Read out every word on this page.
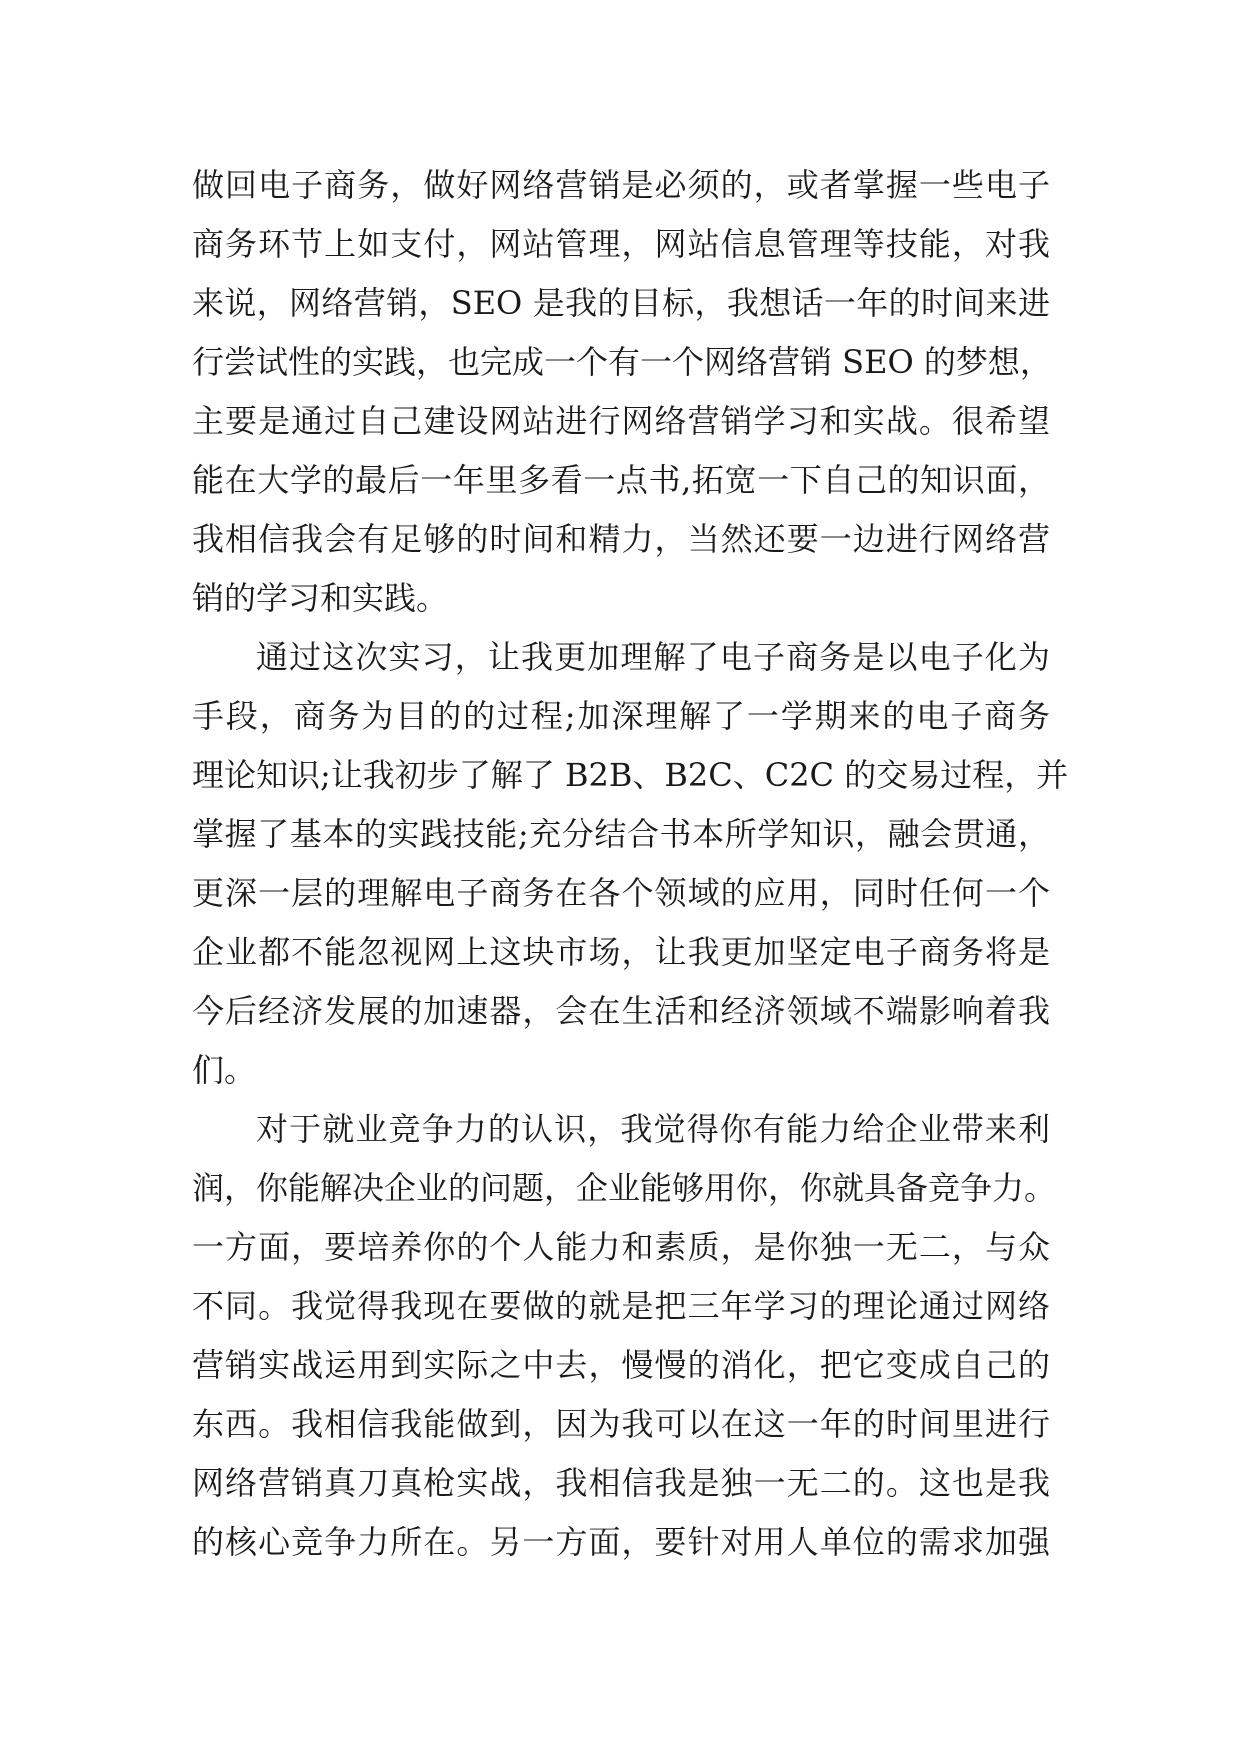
做回电子商务，做好网络营销是必须的，或者掌握一些电子
商务环节上如支付，网站管理，网站信息管理等技能，对我
来说，网络营销，SEO 是我的目标，我想话一年的时间来进
行尝试性的实践，也完成一个有一个网络营销 SEO 的梦想，
主要是通过自己建设网站进行网络营销学习和实战。很希望
能在大学的最后一年里多看一点书,拓宽一下自己的知识面，
我相信我会有足够的时间和精力，当然还要一边进行网络营
销的学习和实践。
通过这次实习，让我更加理解了电子商务是以电子化为
手段，商务为目的的过程;加深理解了一学期来的电子商务
理论知识;让我初步了解了 B2B、B2C、C2C 的交易过程，并
掌握了基本的实践技能;充分结合书本所学知识，融会贯通，
更深一层的理解电子商务在各个领域的应用，同时任何一个
企业都不能忽视网上这块市场，让我更加坚定电子商务将是
今后经济发展的加速器，会在生活和经济领域不端影响着我
们。
对于就业竞争力的认识，我觉得你有能力给企业带来利
润，你能解决企业的问题，企业能够用你，你就具备竞争力。
一方面，要培养你的个人能力和素质，是你独一无二，与众
不同。我觉得我现在要做的就是把三年学习的理论通过网络
营销实战运用到实际之中去，慢慢的消化，把它变成自己的
东西。我相信我能做到，因为我可以在这一年的时间里进行
网络营销真刀真枪实战，我相信我是独一无二的。这也是我
的核心竞争力所在。另一方面，要针对用人单位的需求加强
